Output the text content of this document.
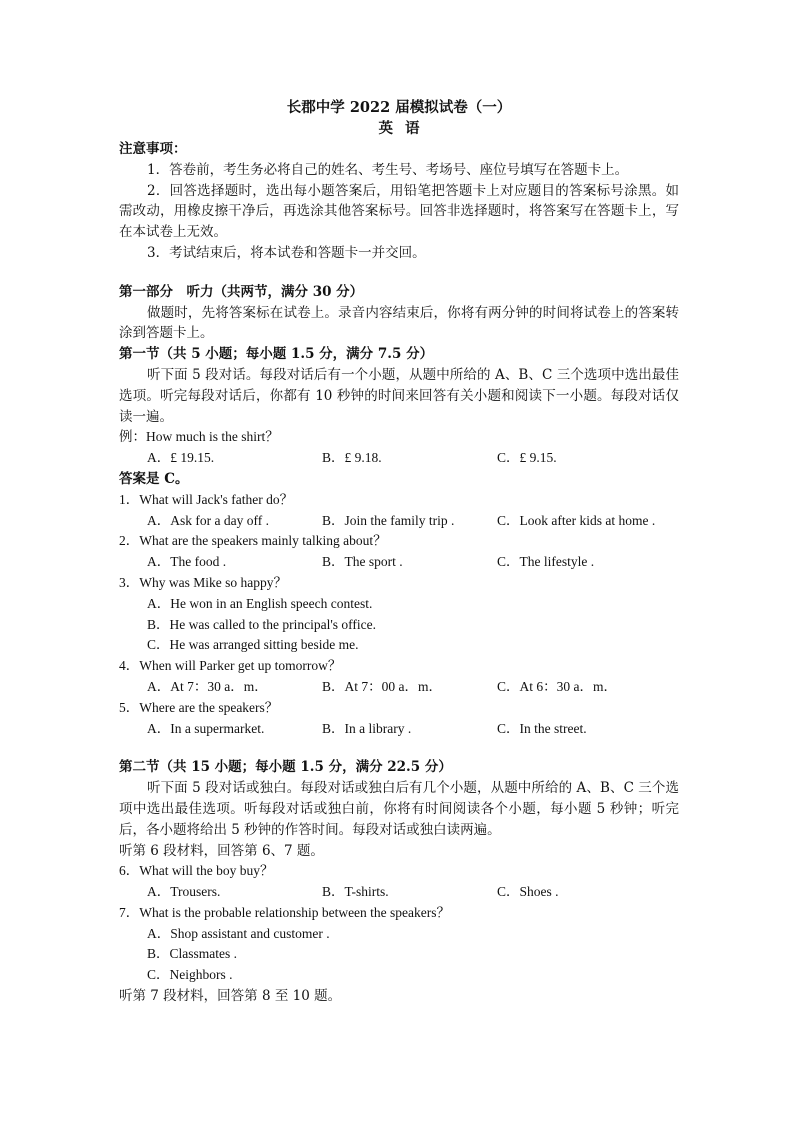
长郡中学 2022 届模拟试卷（一）
英语
注意事项：
1．答卷前，考生务必将自己的姓名、考生号、考场号、座位号填写在答题卡上。
2．回答选择题时，选出每小题答案后，用铅笔把答题卡上对应题目的答案标号涂黑。如需改动，用橡皮擦干净后，再选涂其他答案标号。回答非选择题时，将答案写在答题卡上，写在本试卷上无效。
3．考试结束后，将本试卷和答题卡一并交回。
第一部分　听力（共两节，满分 30 分）
做题时，先将答案标在试卷上。录音内容结束后，你将有两分钟的时间将试卷上的答案转涂到答题卡上。
第一节（共 5 小题；每小题 1.5 分，满分 7.5 分）
听下面 5 段对话。每段对话后有一个小题，从题中所给的 A、B、C 三个选项中选出最佳选项。听完每段对话后，你都有 10 秒钟的时间来回答有关小题和阅读下一小题。每段对话仅读一遍。
例：How much is the shirt？
A．£ 19.15.	B．£ 9.18.	C．£ 9.15.
答案是 C。
1．What will Jack's father do？
A．Ask for a day off .	B．Join the family trip .	C．Look after kids at home .
2．What are the speakers mainly talking about？
A．The food .	B．The sport .	C．The lifestyle .
3．Why was Mike so happy？
A．He won in an English speech contest.
B．He was called to the principal's office.
C．He was arranged sitting beside me.
4．When will Parker get up tomorrow？
A．At 7：30 a．m．	B．At 7：00 a．m．	C．At 6：30 a．m．
5．Where are the speakers？
A．In a supermarket.	B．In a library .	C．In the street.
第二节（共 15 小题；每小题 1.5 分，满分 22.5 分）
听下面 5 段对话或独白。每段对话或独白后有几个小题，从题中所给的 A、B、C 三个选项中选出最佳选项。听每段对话或独白前，你将有时间阅读各个小题，每小题 5 秒钟；听完后，各小题将给出 5 秒钟的作答时间。每段对话或独白读两遍。
听第 6 段材料，回答第 6、7 题。
6．What will the boy buy？
A．Trousers.	B．T-shirts.	C．Shoes .
7．What is the probable relationship between the speakers？
A．Shop assistant and customer .
B．Classmates .
C．Neighbors .
听第 7 段材料，回答第 8 至 10 题。
